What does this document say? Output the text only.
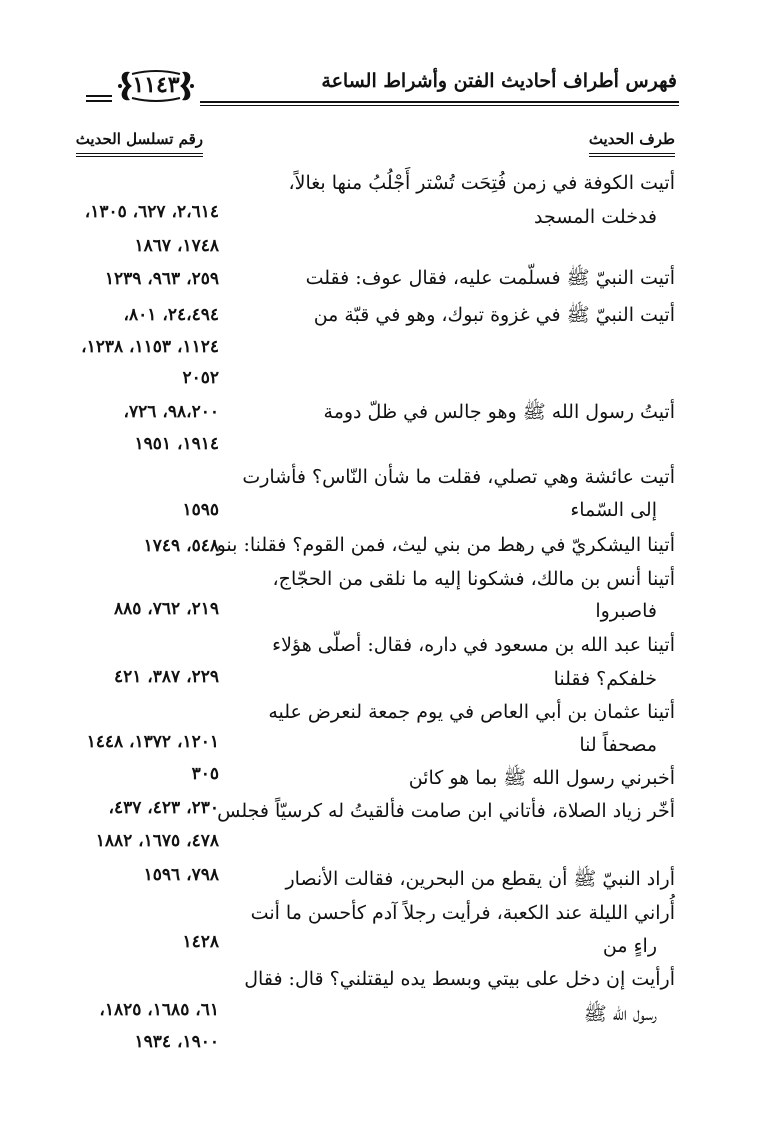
فهرس أطراف أحاديث الفتن وأشراط الساعة
١١٤٣
طرف الحديث
رقم تسلسل الحديث
أتيت الكوفة في زمن فُتِحَت تُسْتر أَجْلُبُ منها بغالاً،
فدخلت المسجد
٢،٦١٤، ٦٢٧، ١٣٠٥،
١٧٤٨، ١٨٦٧
أتيت النبيّ ﷺ فسلّمت عليه، فقال عوف: فقلت
٢٥٩، ٩٦٣، ١٢٣٩
أتيت النبيّ ﷺ في غزوة تبوك، وهو في قبّة من
٢٤،٤٩٤، ٨٠١،
١١٢٤، ١١٥٣، ١٢٣٨،
٢٠٥٢
أتيتُ رسول الله ﷺ وهو جالس في ظلّ دومة
٩٨،٢٠٠، ٧٢٦،
١٩١٤، ١٩٥١
أتيت عائشة وهي تصلي، فقلت ما شأن النّاس؟ فأشارت
إلى السّماء
١٥٩٥
أتينا اليشكريّ في رهط من بني ليث، فمن القوم؟ فقلنا: بنو
٥٤٨، ١٧٤٩
أتينا أنس بن مالك، فشكونا إليه ما نلقى من الحجّاج،
فاصبروا
٢١٩، ٧٦٢، ٨٨٥
أتينا عبد الله بن مسعود في داره، فقال: أصلّى هؤلاء
خلفكم؟ فقلنا
٢٢٩، ٣٨٧، ٤٢١
أتينا عثمان بن أبي العاص في يوم جمعة لنعرض عليه
مصحفاً لنا
١٢٠١، ١٣٧٢، ١٤٤٨
أخبرني رسول الله ﷺ بما هو كائن
٣٠٥
أخّر زياد الصلاة، فأتاني ابن صامت فألقيتُ له كرسيّاً فجلس
٢٣٠، ٤٢٣، ٤٣٧،
٤٧٨، ١٦٧٥، ١٨٨٢
أراد النبيّ ﷺ أن يقطع من البحرين، فقالت الأنصار
٧٩٨، ١٥٩٦
أُراني الليلة عند الكعبة، فرأيت رجلاً آدم كأحسن ما أنت
راءٍ من
١٤٢٨
أرأيت إن دخل على بيتي وبسط يده ليقتلني؟ قال: فقال
رسول الله ﷺ
٦١، ١٦٨٥، ١٨٢٥،
١٩٠٠، ١٩٣٤
